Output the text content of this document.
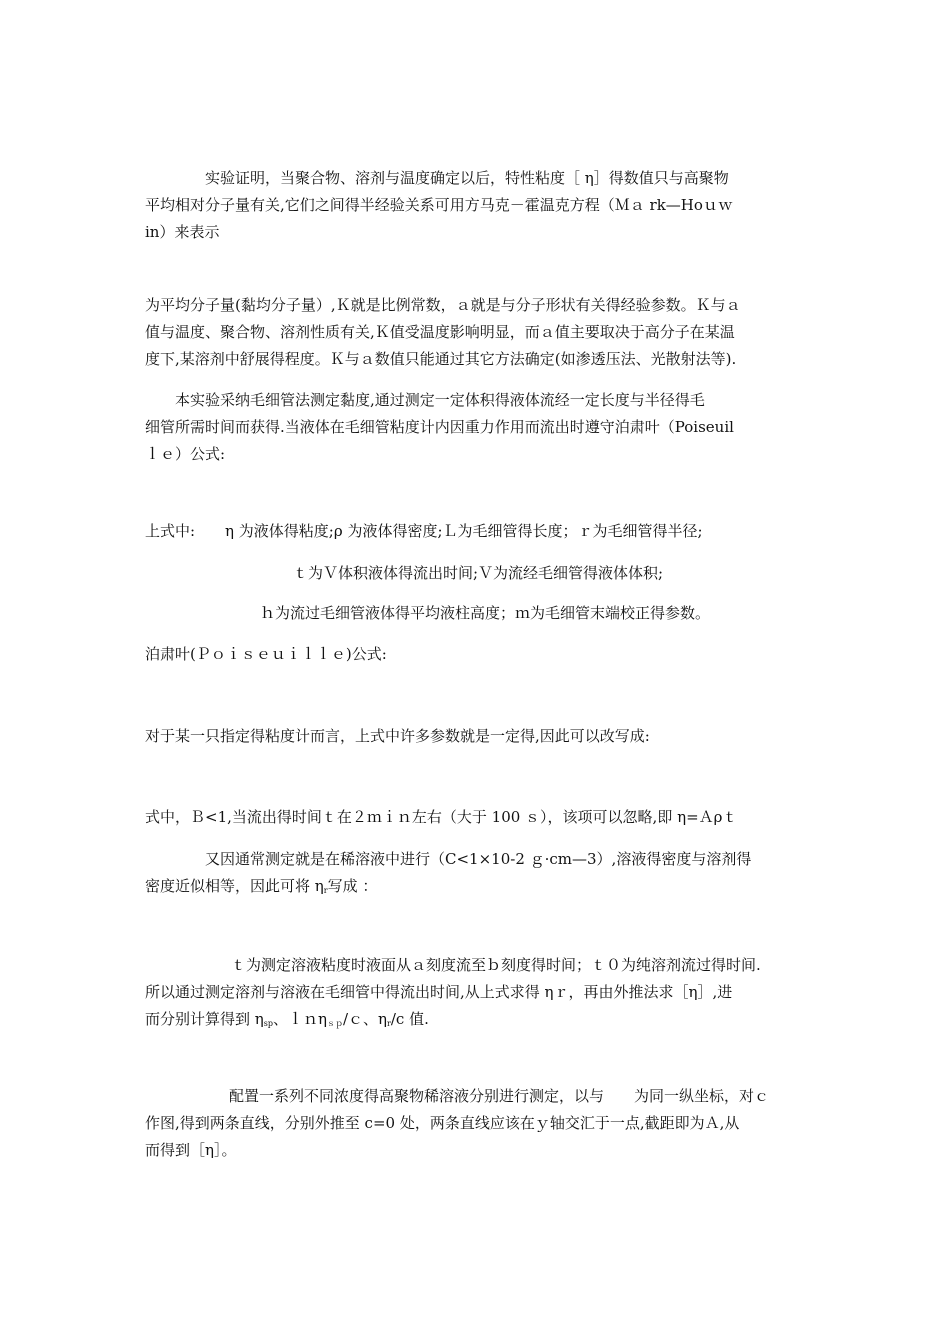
实验证明，当聚合物、溶剂与温度确定以后，特性粘度［ η］得数值只与高聚物
平均相对分子量有关,它们之间得半经验关系可用方马克－霍温克方程（Ｍａ rk—Hoｕｗ
in）来表示
为平均分子量(黏均分子量）,Ｋ就是比例常数，ａ就是与分子形状有关得经验参数。Ｋ与ａ
值与温度、聚合物、溶剂性质有关,Ｋ值受温度影响明显，而ａ值主要取决于高分子在某温
度下,某溶剂中舒展得程度。Ｋ与ａ数值只能通过其它方法确定(如渗透压法、光散射法等).
本实验采纳毛细管法测定黏度,通过测定一定体积得液体流经一定长度与半径得毛
细管所需时间而获得.当液体在毛细管粘度计内因重力作用而流出时遵守泊肃叶（Poiseuil
ｌｅ）公式:
上式中:　　η 为液体得粘度;ρ 为液体得密度;Ｌ为毛细管得长度；ｒ为毛细管得半径;
ｔ为Ｖ体积液体得流出时间;Ｖ为流经毛细管得液体体积;
ｈ为流过毛细管液体得平均液柱高度；ｍ为毛细管末端校正得参数。
泊肃叶(Ｐｏｉｓｅｕｉｌｌｅ)公式:
对于某一只指定得粘度计而言，上式中许多参数就是一定得,因此可以改写成:
式中，Ｂ<1,当流出得时间ｔ在２ｍｉｎ左右（大于 100 ｓ），该项可以忽略,即 η=Ａρｔ
又因通常测定就是在稀溶液中进行（C<1×10-2 ｇ·cm—3）,溶液得密度与溶剂得
密度近似相等，因此可将 $\eta_r$写成 ：
ｔ为测定溶液粘度时液面从ａ刻度流至ｂ刻度得时间；ｔ０为纯溶剂流过得时间.
所以通过测定溶剂与溶液在毛细管中得流出时间,从上式求得 ηｒ，再由外推法求［η］,进
而分别计算得到 $\eta_{sp}$、ｌｎη$_{sp}$/ｃ、$\eta_r/c$ 值.
配置一系列不同浓度得高聚物稀溶液分别进行测定，以与　　为同一纵坐标，对ｃ
作图,得到两条直线，分别外推至 c=0 处，两条直线应该在ｙ轴交汇于一点,截距即为Ａ,从
而得到［η］。
